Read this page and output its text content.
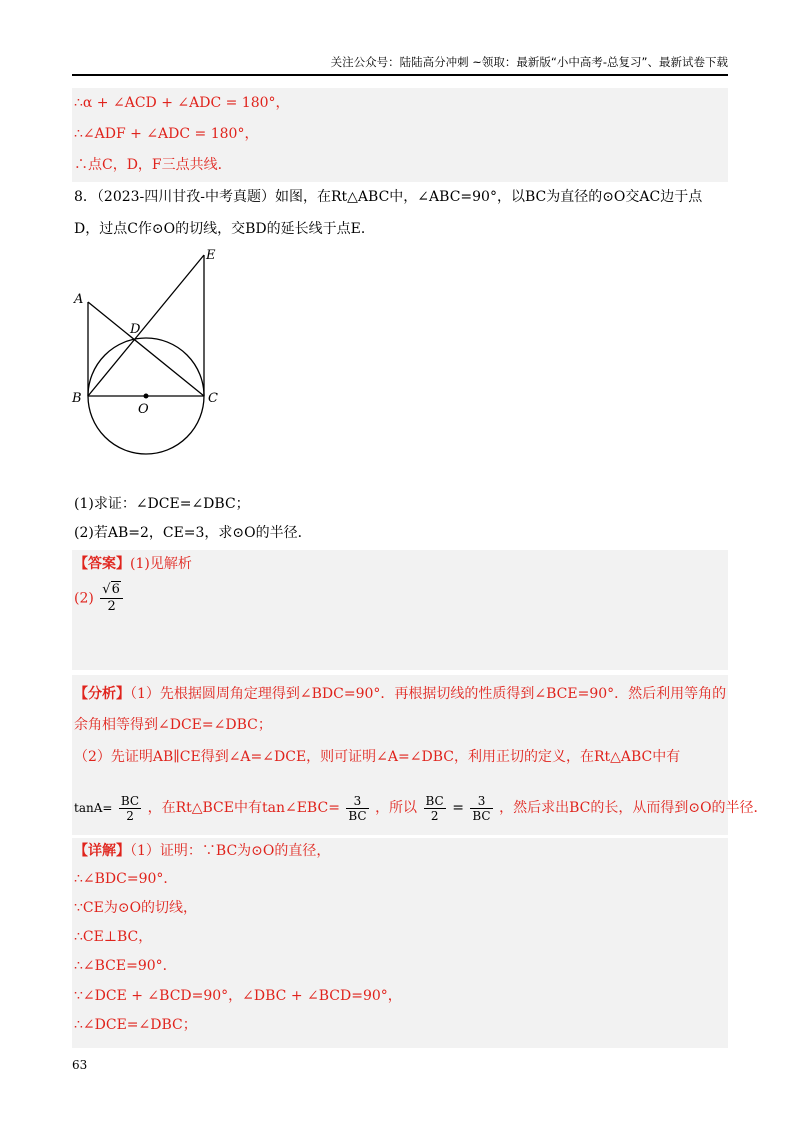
关注公众号：陆陆高分冲刺 ~领取：最新版“小中高考-总复习”、最新试卷下载
∴α + ∠ACD + ∠ADC = 180°，
∴∠ADF + ∠ADC = 180°，
∴点C，D，F三点共线．
8．（2023-四川甘孜-中考真题）如图，在Rt△ABC中，∠ABC=90°，以BC为直径的⊙O交AC边于点
D，过点C作⊙O的切线，交BD的延长线于点E．
E
A
D
B	C
O
(1)求证：∠DCE=∠DBC；
(2)若AB=2，CE=3，求⊙O的半径．
【答案】(1)见解析
$(2) \frac{√6}{2}$
【分析】（1）先根据圆周角定理得到∠BDC=90°．再根据切线的性质得到∠BCE=90°．然后利用等角的
余角相等得到∠DCE=∠DBC；
（2）先证明AB∥CE得到∠A=∠DCE，则可证明∠A=∠DBC，利用正切的定义，在Rt△ABC中有
$\tan A= \frac{BC}{2}$ ，在Rt△BCE中有tan∠EBC= $\frac{3}{BC}$ ，所以 $\frac{BC}{2} = \frac{3}{BC}$ ，然后求出BC的长，从而得到⊙O的半径．
【详解】（1）证明：∵BC为⊙O的直径，
∴∠BDC=90°．
∵CE为⊙O的切线，
∴CE⊥BC，
∴∠BCE=90°．
∵∠DCE + ∠BCD=90°，∠DBC + ∠BCD=90°，
∴∠DCE=∠DBC；
63
